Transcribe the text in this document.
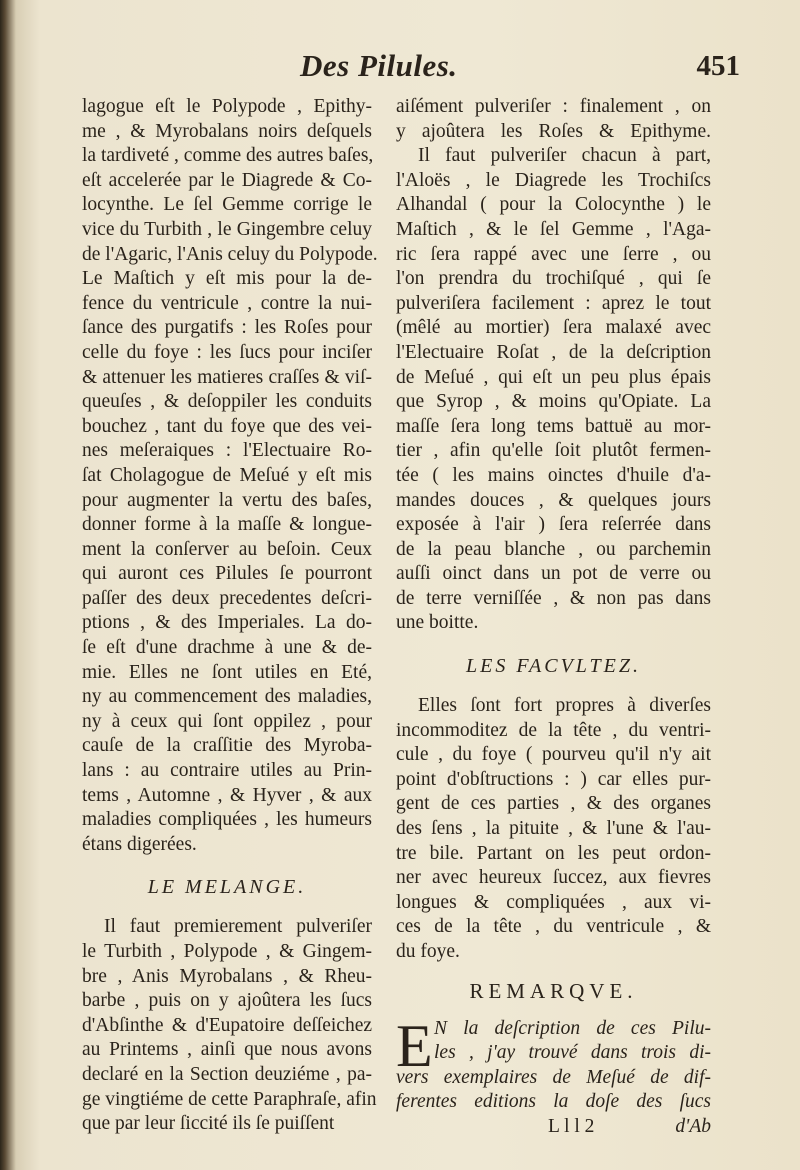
Des Pilules.	451
lagogue eſt le Polypode , Epithy-
me , & Myrobalans noirs deſquels
la tardiveté , comme des autres baſes,
eſt accelerée par le Diagrede & Co-
locynthe. Le ſel Gemme corrige le
vice du Turbith , le Gingembre celuy
de l'Agaric, l'Anis celuy du Polypode.
Le Maſtich y eſt mis pour la de-
fence du ventricule , contre la nui-
ſance des purgatifs : les Roſes pour
celle du foye : les ſucs pour inciſer
& attenuer les matieres craſſes & viſ-
queuſes , & deſoppiler les conduits
bouchez , tant du foye que des vei-
nes meſeraiques : l'Electuaire Ro-
ſat Cholagogue de Meſué y eſt mis
pour augmenter la vertu des baſes,
donner forme à la maſſe & longue-
ment la conſerver au beſoin. Ceux
qui auront ces Pilules ſe pourront
paſſer des deux precedentes deſcri-
ptions , & des Imperiales. La do-
ſe eſt d'une drachme à une & de-
mie. Elles ne ſont utiles en Eté,
ny au commencement des maladies,
ny à ceux qui ſont oppilez , pour
cauſe de la craſſitie des Myroba-
lans : au contraire utiles au Prin-
tems , Automne , & Hyver , & aux
maladies compliquées , les humeurs
étans digerées.
LE MELANGE.
Il faut premierement pulveriſer
le Turbith , Polypode , & Gingem-
bre , Anis Myrobalans , & Rheu-
barbe , puis on y ajoûtera les ſucs
d'Abſinthe & d'Eupatoire deſſeichez
au Printems , ainſi que nous avons
declaré en la Section deuziéme , pa-
ge vingtiéme de cette Paraphraſe, afin
que par leur ſiccité ils ſe puiſſent
aiſément pulveriſer : finalement , on
y ajoûtera les Roſes & Epithyme.
Il faut pulveriſer chacun à part,
l'Aloës , le Diagrede les Trochiſcs
Alhandal ( pour la Colocynthe ) le
Maſtich , & le ſel Gemme , l'Aga-
ric ſera rappé avec une ſerre , ou
l'on prendra du trochiſqué , qui ſe
pulveriſera facilement : aprez le tout
(mêlé au mortier) ſera malaxé avec
l'Electuaire Roſat , de la deſcription
de Meſué , qui eſt un peu plus épais
que Syrop , & moins qu'Opiate. La
maſſe ſera long tems battuë au mor-
tier , afin qu'elle ſoit plutôt fermen-
tée ( les mains oinctes d'huile d'a-
mandes douces , & quelques jours
exposée à l'air ) ſera reſerrée dans
de la peau blanche , ou parchemin
auſſi oinct dans un pot de verre ou
de terre verniſſée , & non pas dans
une boitte.
LES FACVLTEZ.
Elles ſont fort propres à diverſes
incommoditez de la tête , du ventri-
cule , du foye ( pourveu qu'il n'y ait
point d'obſtructions : ) car elles pur-
gent de ces parties , & des organes
des ſens , la pituite , & l'une & l'au-
tre bile. Partant on les peut ordon-
ner avec heureux ſuccez, aux fievres
longues & compliquées , aux vi-
ces de la tête , du ventricule , &
du foye.
REMARQVE.
E N la deſcription de ces Pilu-
les , j'ay trouvé dans trois di-
vers exemplaires de Meſué de dif-
ferentes editions la doſe des ſucs
L l l 2	d'Ab
